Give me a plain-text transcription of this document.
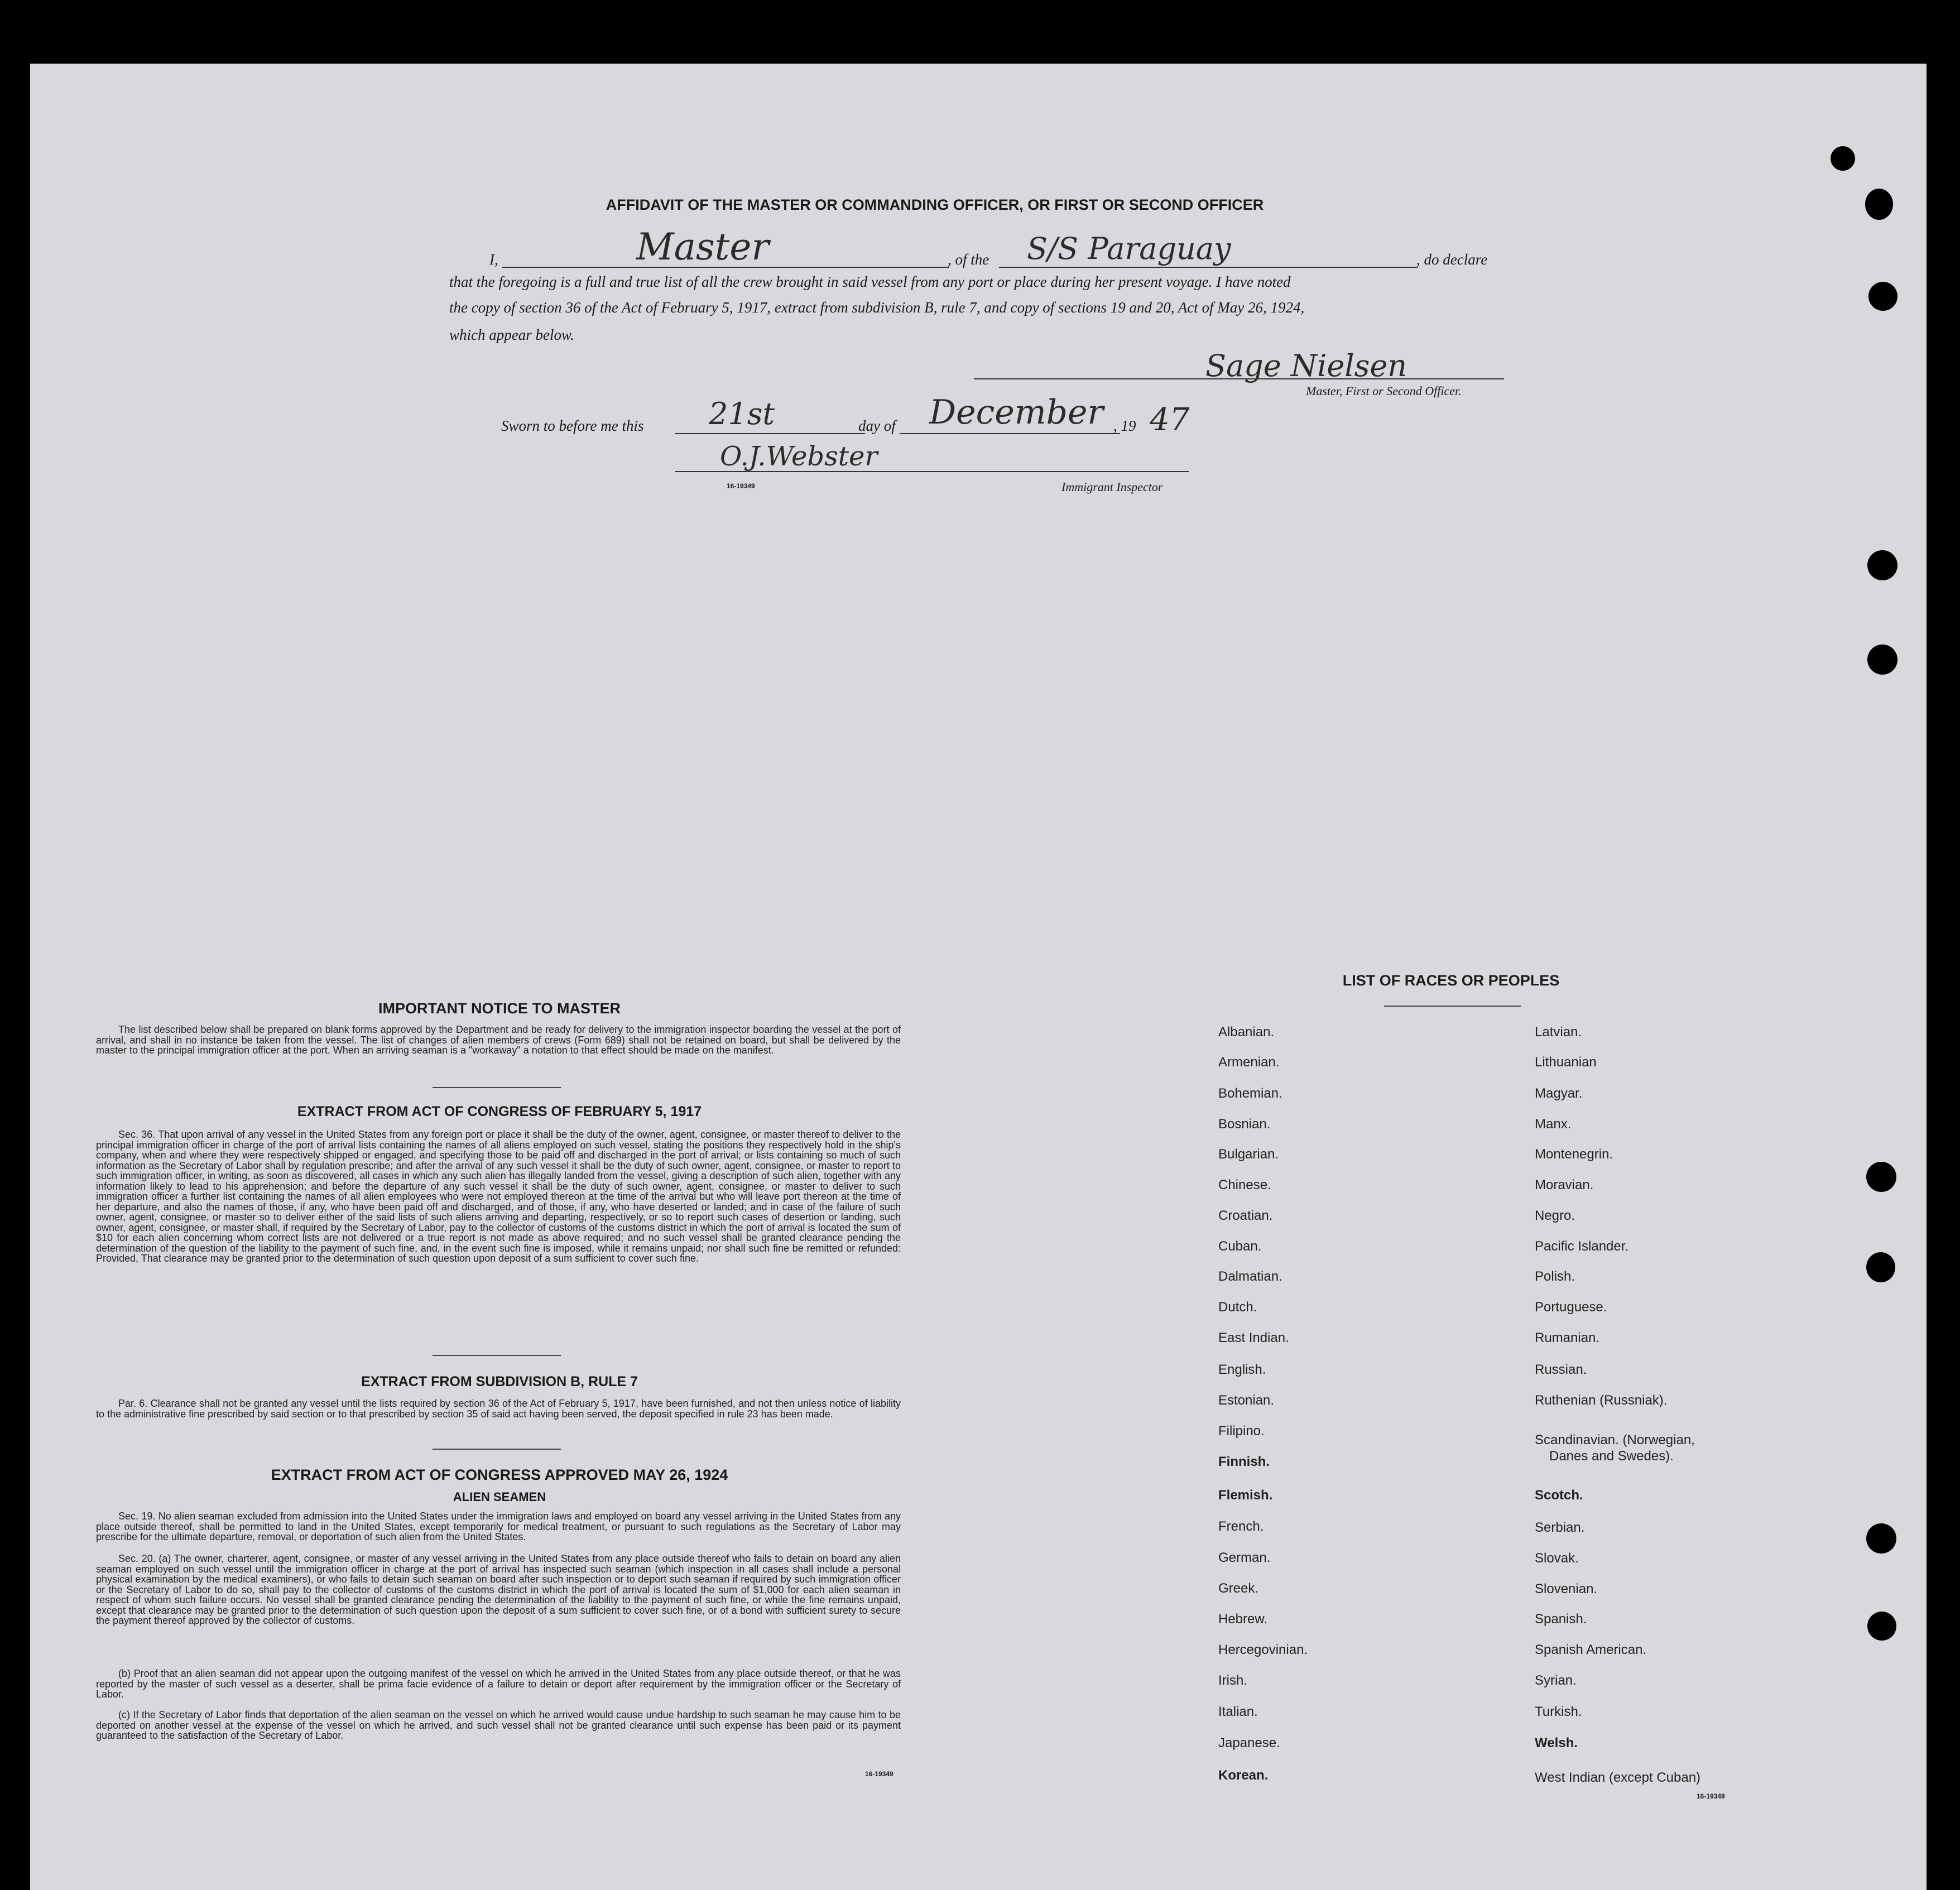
AFFIDAVIT OF THE MASTER OR COMMANDING OFFICER, OR FIRST OR SECOND OFFICER
I,	Master	, of the S/S Paraguay	, do declare
that the foregoing is a full and true list of all the crew brought in said vessel from any port or place during her present voyage. I have noted
the copy of section 36 of the Act of February 5, 1917, extract from subdivision B, rule 7, and copy of sections 19 and 20, Act of May 26, 1924,
which appear below.
Sage Nielsen
Master, First or Second Officer.
Sworn to before me this 21st	day of December , 19 47
O.J.Webster
16-19349	Immigrant Inspector
IMPORTANT NOTICE TO MASTER
The list described below shall be prepared on blank forms approved by the Department and be ready for delivery to the immigration inspector boarding the vessel at the port of arrival, and shall in no instance be taken from the vessel. The list of changes of alien members of crews (Form 689) shall not be retained on board, but shall be delivered by the master to the principal immigration officer at the port. When an arriving seaman is a "workaway" a notation to that effect should be made on the manifest.
EXTRACT FROM ACT OF CONGRESS OF FEBRUARY 5, 1917
Sec. 36. That upon arrival of any vessel in the United States from any foreign port or place it shall be the duty of the owner, agent, consignee, or master thereof to deliver to the principal immigration officer in charge of the port of arrival lists containing the names of all aliens employed on such vessel, stating the positions they respectively hold in the ship's company, when and where they were respectively shipped or engaged, and specifying those to be paid off and discharged in the port of arrival; or lists containing so much of such information as the Secretary of Labor shall by regulation prescribe; and after the arrival of any such vessel it shall be the duty of such owner, agent, consignee, or master to report to such immigration officer, in writing, as soon as discovered, all cases in which any such alien has illegally landed from the vessel, giving a description of such alien, together with any information likely to lead to his apprehension; and before the departure of any such vessel it shall be the duty of such owner, agent, consignee, or master to deliver to such immigration officer a further list containing the names of all alien employees who were not employed thereon at the time of the arrival but who will leave port thereon at the time of her departure, and also the names of those, if any, who have been paid off and discharged, and of those, if any, who have deserted or landed; and in case of the failure of such owner, agent, consignee, or master so to deliver either of the said lists of such aliens arriving and departing, respectively, or so to report such cases of desertion or landing, such owner, agent, consignee, or master shall, if required by the Secretary of Labor, pay to the collector of customs of the customs district in which the port of arrival is located the sum of $10 for each alien concerning whom correct lists are not delivered or a true report is not made as above required; and no such vessel shall be granted clearance pending the determination of the question of the liability to the payment of such fine, and, in the event such fine is imposed, while it remains unpaid; nor shall such fine be remitted or refunded: Provided, That clearance may be granted prior to the determination of such question upon deposit of a sum sufficient to cover such fine.
EXTRACT FROM SUBDIVISION B, RULE 7
Par. 6. Clearance shall not be granted any vessel until the lists required by section 36 of the Act of February 5, 1917, have been furnished, and not then unless notice of liability to the administrative fine prescribed by said section or to that prescribed by section 35 of said act having been served, the deposit specified in rule 23 has been made.
EXTRACT FROM ACT OF CONGRESS APPROVED MAY 26, 1924
ALIEN SEAMEN
Sec. 19. No alien seaman excluded from admission into the United States under the immigration laws and employed on board any vessel arriving in the United States from any place outside thereof, shall be permitted to land in the United States, except temporarily for medical treatment, or pursuant to such regulations as the Secretary of Labor may prescribe for the ultimate departure, removal, or deportation of such alien from the United States.
Sec. 20. (a) The owner, charterer, agent, consignee, or master of any vessel arriving in the United States from any place outside thereof who fails to detain on board any alien seaman employed on such vessel until the immigration officer in charge at the port of arrival has inspected such seaman (which inspection in all cases shall include a personal physical examination by the medical examiners), or who fails to detain such seaman on board after such inspection or to deport such seaman if required by such immigration officer or the Secretary of Labor to do so, shall pay to the collector of customs of the customs district in which the port of arrival is located the sum of $1,000 for each alien seaman in respect of whom such failure occurs. No vessel shall be granted clearance pending the determination of the liability to the payment of such fine, or while the fine remains unpaid, except that clearance may be granted prior to the determination of such question upon the deposit of a sum sufficient to cover such fine, or of a bond with sufficient surety to secure the payment thereof approved by the collector of customs.
(b) Proof that an alien seaman did not appear upon the outgoing manifest of the vessel on which he arrived in the United States from any place outside thereof, or that he was reported by the master of such vessel as a deserter, shall be prima facie evidence of a failure to detain or deport after requirement by the immigration officer or the Secretary of Labor.
(c) If the Secretary of Labor finds that deportation of the alien seaman on the vessel on which he arrived would cause undue hardship to such seaman he may cause him to be deported on another vessel at the expense of the vessel on which he arrived, and such vessel shall not be granted clearance until such expense has been paid or its payment guaranteed to the satisfaction of the Secretary of Labor.
16-19349
LIST OF RACES OR PEOPLES
Albanian.
Armenian.
Bohemian.
Bosnian.
Bulgarian.
Chinese.
Croatian.
Cuban.
Dalmatian.
Dutch.
East Indian.
English.
Estonian.
Filipino.
Finnish.
Flemish.
French.
German.
Greek.
Hebrew.
Hercegovinian.
Irish.
Italian.
Japanese.
Korean.
Latvian.
Lithuanian
Magyar.
Manx.
Montenegrin.
Moravian.
Negro.
Pacific Islander.
Polish.
Portuguese.
Rumanian.
Russian.
Ruthenian (Russniak).
Scandinavian. (Norwegian,
Danes and Swedes).
Scotch.
Serbian.
Slovak.
Slovenian.
Spanish.
Spanish American.
Syrian.
Turkish.
Welsh.
West Indian (except Cuban)
16-19349
